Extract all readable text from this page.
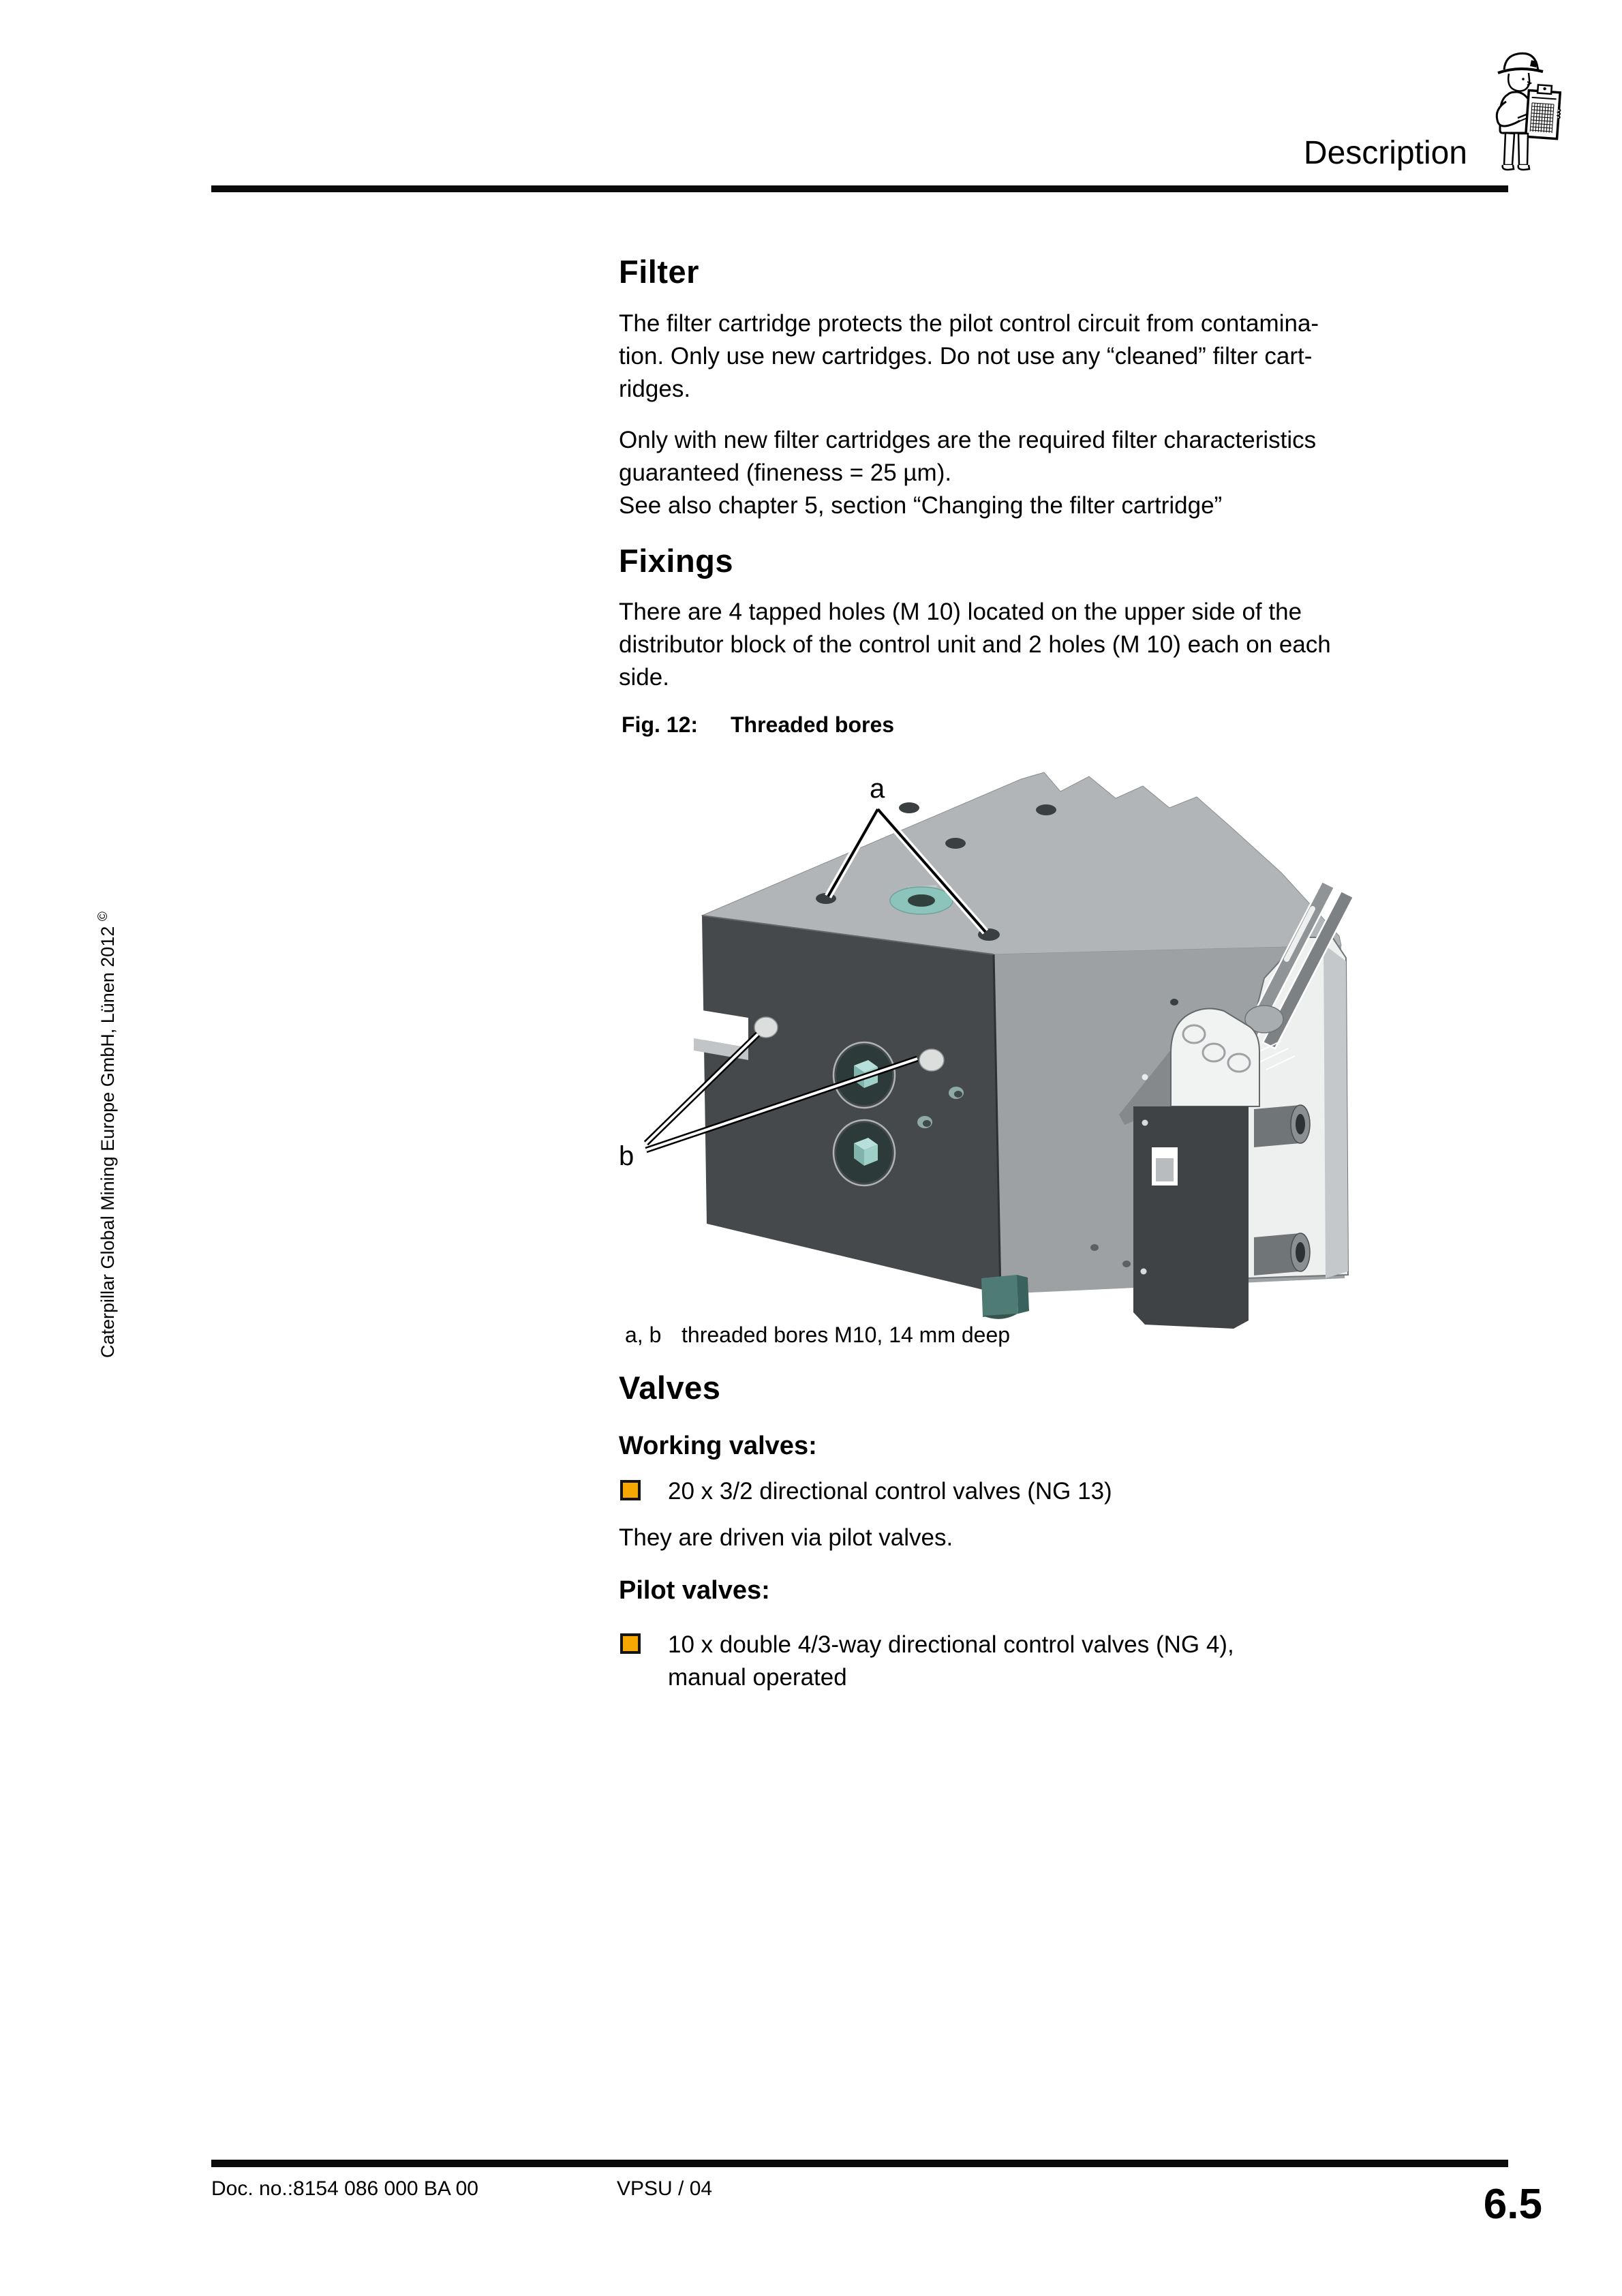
Description
Caterpillar Global Mining Europe GmbH, Lünen 2012 ©
Filter
The filter cartridge protects the pilot control circuit from contamina-
tion. Only use new cartridges. Do not use any “cleaned” filter cart-
ridges.
Only with new filter cartridges are the required filter characteristics
guaranteed (fineness = 25 µm).
See also chapter 5, section “Changing the filter cartridge”
Fixings
There are 4 tapped holes (M 10) located on the upper side of the
distributor block of the control unit and 2 holes (M 10) each on each
side.
Fig. 12: Threaded bores
a
b
a, b threaded bores M10, 14 mm deep
Valves
Working valves:
20 x 3/2 directional control valves (NG 13)
They are driven via pilot valves.
Pilot valves:
10 x double 4/3-way directional control valves (NG 4),
manual operated
Doc. no.:8154 086 000 BA 00	VPSU / 04	6.5
